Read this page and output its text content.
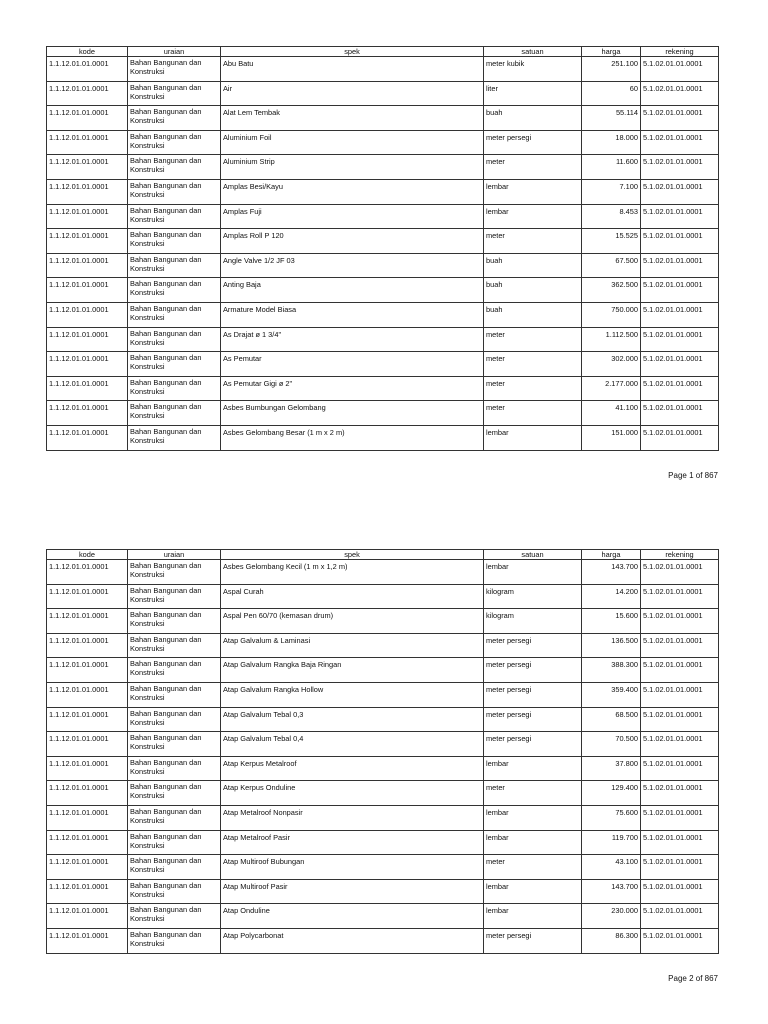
kode	uraian	spek	satuan	harga	rekening
1.1.12.01.01.0001	Bahan Bangunan dan Konstruksi	Abu Batu	meter kubik	251.100	5.1.02.01.01.0001
1.1.12.01.01.0001	Bahan Bangunan dan Konstruksi	Air	liter	60	5.1.02.01.01.0001
1.1.12.01.01.0001	Bahan Bangunan dan Konstruksi	Alat Lem Tembak	buah	55.114	5.1.02.01.01.0001
1.1.12.01.01.0001	Bahan Bangunan dan Konstruksi	Aluminium Foil	meter persegi	18.000	5.1.02.01.01.0001
1.1.12.01.01.0001	Bahan Bangunan dan Konstruksi	Aluminium Strip	meter	11.600	5.1.02.01.01.0001
1.1.12.01.01.0001	Bahan Bangunan dan Konstruksi	Amplas Besi/Kayu	lembar	7.100	5.1.02.01.01.0001
1.1.12.01.01.0001	Bahan Bangunan dan Konstruksi	Amplas Fuji	lembar	8.453	5.1.02.01.01.0001
1.1.12.01.01.0001	Bahan Bangunan dan Konstruksi	Amplas Roll P 120	meter	15.525	5.1.02.01.01.0001
1.1.12.01.01.0001	Bahan Bangunan dan Konstruksi	Angle Valve 1/2 JF 03	buah	67.500	5.1.02.01.01.0001
1.1.12.01.01.0001	Bahan Bangunan dan Konstruksi	Anting Baja	buah	362.500	5.1.02.01.01.0001
1.1.12.01.01.0001	Bahan Bangunan dan Konstruksi	Armature Model Biasa	buah	750.000	5.1.02.01.01.0001
1.1.12.01.01.0001	Bahan Bangunan dan Konstruksi	As Drajat ø 1 3/4"	meter	1.112.500	5.1.02.01.01.0001
1.1.12.01.01.0001	Bahan Bangunan dan Konstruksi	As Pemutar	meter	302.000	5.1.02.01.01.0001
1.1.12.01.01.0001	Bahan Bangunan dan Konstruksi	As Pemutar Gigi ø 2"	meter	2.177.000	5.1.02.01.01.0001
1.1.12.01.01.0001	Bahan Bangunan dan Konstruksi	Asbes Bumbungan Gelombang	meter	41.100	5.1.02.01.01.0001
1.1.12.01.01.0001	Bahan Bangunan dan Konstruksi	Asbes Gelombang Besar (1 m x 2 m)	lembar	151.000	5.1.02.01.01.0001
Page 1 of 867
kode	uraian	spek	satuan	harga	rekening
1.1.12.01.01.0001	Bahan Bangunan dan Konstruksi	Asbes Gelombang Kecil (1 m x 1,2 m)	lembar	143.700	5.1.02.01.01.0001
1.1.12.01.01.0001	Bahan Bangunan dan Konstruksi	Aspal Curah	kilogram	14.200	5.1.02.01.01.0001
1.1.12.01.01.0001	Bahan Bangunan dan Konstruksi	Aspal Pen 60/70 (kemasan drum)	kilogram	15.600	5.1.02.01.01.0001
1.1.12.01.01.0001	Bahan Bangunan dan Konstruksi	Atap Galvalum & Laminasi	meter persegi	136.500	5.1.02.01.01.0001
1.1.12.01.01.0001	Bahan Bangunan dan Konstruksi	Atap Galvalum Rangka Baja Ringan	meter persegi	388.300	5.1.02.01.01.0001
1.1.12.01.01.0001	Bahan Bangunan dan Konstruksi	Atap Galvalum Rangka Hollow	meter persegi	359.400	5.1.02.01.01.0001
1.1.12.01.01.0001	Bahan Bangunan dan Konstruksi	Atap Galvalum Tebal 0,3	meter persegi	68.500	5.1.02.01.01.0001
1.1.12.01.01.0001	Bahan Bangunan dan Konstruksi	Atap Galvalum Tebal 0,4	meter persegi	70.500	5.1.02.01.01.0001
1.1.12.01.01.0001	Bahan Bangunan dan Konstruksi	Atap Kerpus Metalroof	lembar	37.800	5.1.02.01.01.0001
1.1.12.01.01.0001	Bahan Bangunan dan Konstruksi	Atap Kerpus Onduline	meter	129.400	5.1.02.01.01.0001
1.1.12.01.01.0001	Bahan Bangunan dan Konstruksi	Atap Metalroof Nonpasir	lembar	75.600	5.1.02.01.01.0001
1.1.12.01.01.0001	Bahan Bangunan dan Konstruksi	Atap Metalroof Pasir	lembar	119.700	5.1.02.01.01.0001
1.1.12.01.01.0001	Bahan Bangunan dan Konstruksi	Atap Multiroof Bubungan	meter	43.100	5.1.02.01.01.0001
1.1.12.01.01.0001	Bahan Bangunan dan Konstruksi	Atap Multiroof Pasir	lembar	143.700	5.1.02.01.01.0001
1.1.12.01.01.0001	Bahan Bangunan dan Konstruksi	Atap Onduline	lembar	230.000	5.1.02.01.01.0001
1.1.12.01.01.0001	Bahan Bangunan dan Konstruksi	Atap Polycarbonat	meter persegi	86.300	5.1.02.01.01.0001
Page 2 of 867
